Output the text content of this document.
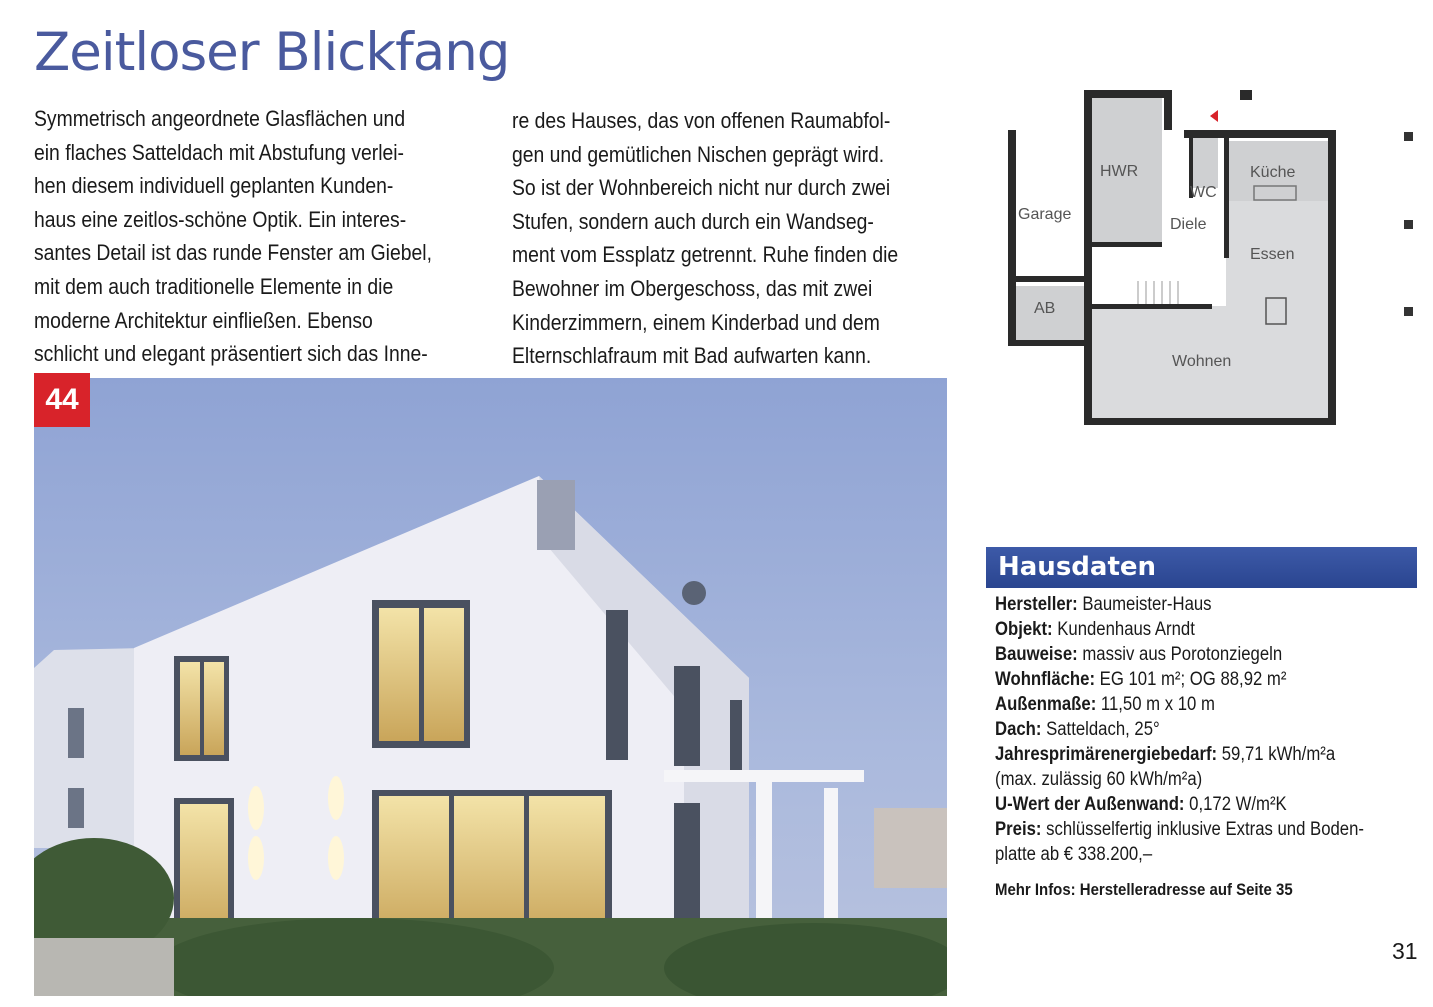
Zeitloser Blickfang
Symmetrisch angeordnete Glasflächen und
ein flaches Satteldach mit Abstufung verlei-
hen diesem individuell geplanten Kunden-
haus eine zeitlos-schöne Optik. Ein interes-
santes Detail ist das runde Fenster am Giebel,
mit dem auch traditionelle Elemente in die
moderne Architektur einfließen. Ebenso
schlicht und elegant präsentiert sich das Inne-
re des Hauses, das von offenen Raumabfol-
gen und gemütlichen Nischen geprägt wird.
So ist der Wohnbereich nicht nur durch zwei
Stufen, sondern auch durch ein Wandseg-
ment vom Essplatz getrennt. Ruhe finden die
Bewohner im Obergeschoss, das mit zwei
Kinderzimmern, einem Kinderbad und dem
Elternschlafraum mit Bad aufwarten kann.
44
HWR
WC
Küche
Garage
Diele
Essen
AB
Wohnen
Hausdaten
Hersteller: Baumeister-Haus
Objekt: Kundenhaus Arndt
Bauweise: massiv aus Porotonziegeln
Wohnfläche: EG 101 m²; OG 88,92 m²
Außenmaße: 11,50 m x 10 m
Dach: Satteldach, 25°
Jahresprimärenergiebedarf: 59,71 kWh/m²a
(max. zulässig 60 kWh/m²a)
U-Wert der Außenwand: 0,172 W/m²K
Preis: schlüsselfertig inklusive Extras und Boden-
platte ab € 338.200,–
Mehr Infos: Herstelleradresse auf Seite 35
31
